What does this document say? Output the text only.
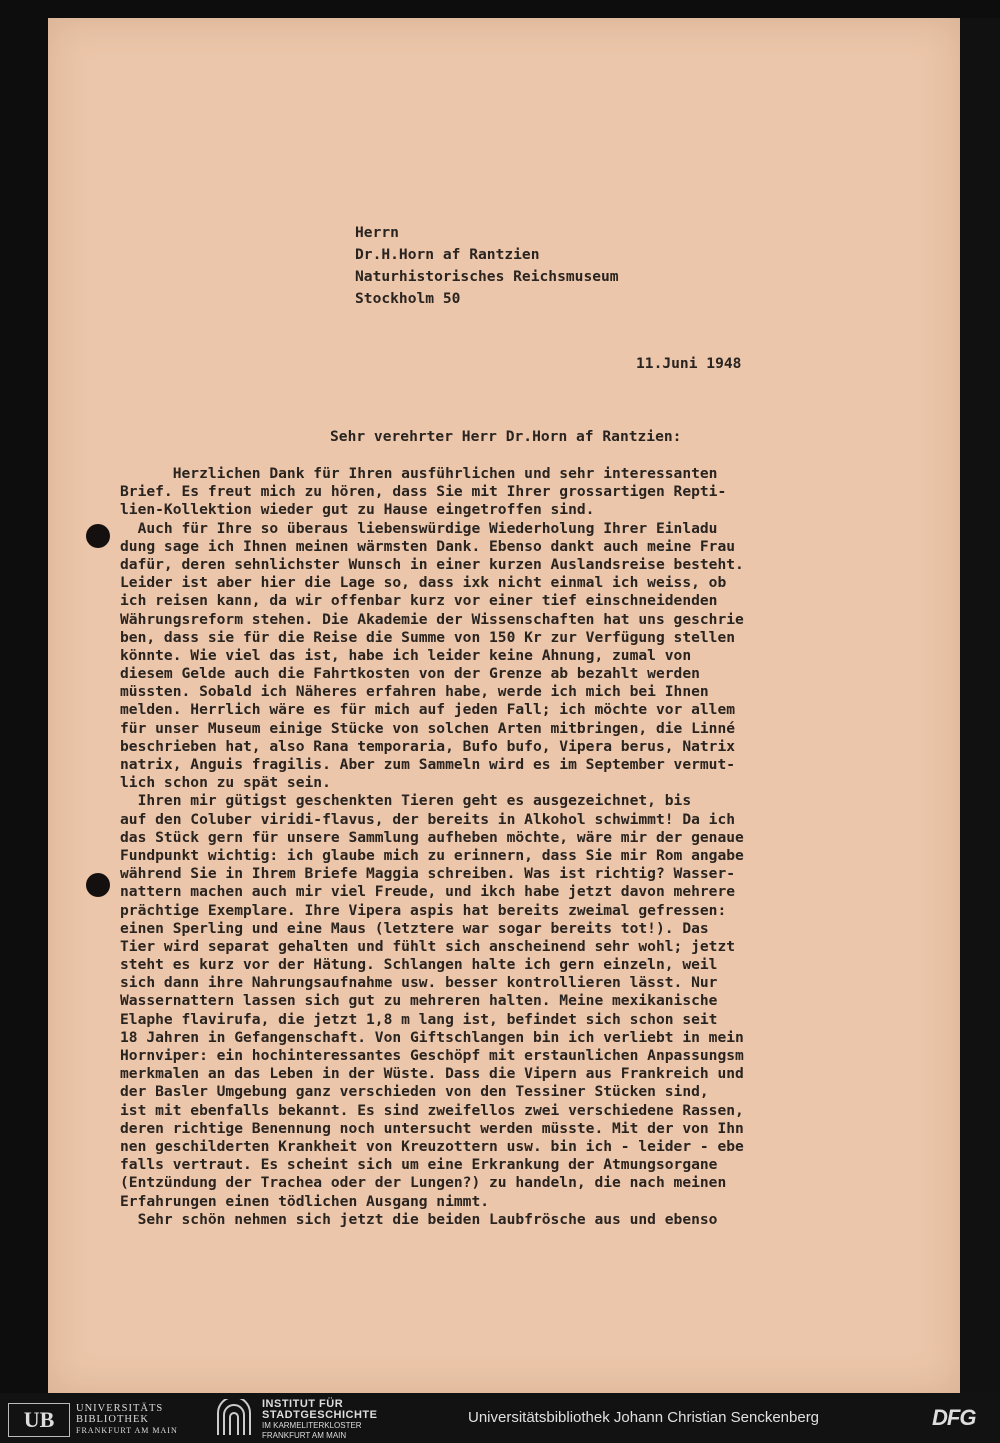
Herrn
Dr.H.Horn af Rantzien
Naturhistorisches Reichsmuseum
Stockholm 50
11.Juni 1948
Sehr verehrter Herr Dr.Horn af Rantzien:
Herzlichen Dank für Ihren ausführlichen und sehr interessanten
Brief. Es freut mich zu hören, dass Sie mit Ihrer grossartigen Repti-
lien-Kollektion wieder gut zu Hause eingetroffen sind.
Auch für Ihre so überaus liebenswürdige Wiederholung Ihrer Einladu
dung sage ich Ihnen meinen wärmsten Dank. Ebenso dankt auch meine Frau
dafür, deren sehnlichster Wunsch in einer kurzen Auslandsreise besteht.
Leider ist aber hier die Lage so, dass ixk nicht einmal ich weiss, ob
ich reisen kann, da wir offenbar kurz vor einer tief einschneidenden
Währungsreform stehen. Die Akademie der Wissenschaften hat uns geschrie
ben, dass sie für die Reise die Summe von 150 Kr zur Verfügung stellen
könnte. Wie viel das ist, habe ich leider keine Ahnung, zumal von
diesem Gelde auch die Fahrtkosten von der Grenze ab bezahlt werden
müssten. Sobald ich Näheres erfahren habe, werde ich mich bei Ihnen
melden. Herrlich wäre es für mich auf jeden Fall; ich möchte vor allem
für unser Museum einige Stücke von solchen Arten mitbringen, die Linné
beschrieben hat, also Rana temporaria, Bufo bufo, Vipera berus, Natrix
natrix, Anguis fragilis. Aber zum Sammeln wird es im September vermut-
lich schon zu spät sein.
Ihren mir gütigst geschenkten Tieren geht es ausgezeichnet, bis
auf den Coluber viridi-flavus, der bereits in Alkohol schwimmt! Da ich
das Stück gern für unsere Sammlung aufheben möchte, wäre mir der genaue
Fundpunkt wichtig: ich glaube mich zu erinnern, dass Sie mir Rom angabe
während Sie in Ihrem Briefe Maggia schreiben. Was ist richtig? Wasser-
nattern machen auch mir viel Freude, und ikch habe jetzt davon mehrere
prächtige Exemplare. Ihre Vipera aspis hat bereits zweimal gefressen:
einen Sperling und eine Maus (letztere war sogar bereits tot!). Das
Tier wird separat gehalten und fühlt sich anscheinend sehr wohl; jetzt
steht es kurz vor der Hätung. Schlangen halte ich gern einzeln, weil
sich dann ihre Nahrungsaufnahme usw. besser kontrollieren lässt. Nur
Wassernattern lassen sich gut zu mehreren halten. Meine mexikanische
Elaphe flavirufa, die jetzt 1,8 m lang ist, befindet sich schon seit
18 Jahren in Gefangenschaft. Von Giftschlangen bin ich verliebt in mein
Hornviper: ein hochinteressantes Geschöpf mit erstaunlichen Anpassungsm
merkmalen an das Leben in der Wüste. Dass die Vipern aus Frankreich und
der Basler Umgebung ganz verschieden von den Tessiner Stücken sind,
ist mit ebenfalls bekannt. Es sind zweifellos zwei verschiedene Rassen,
deren richtige Benennung noch untersucht werden müsste. Mit der von Ihn
nen geschilderten Krankheit von Kreuzottern usw. bin ich - leider - ebe
falls vertraut. Es scheint sich um eine Erkrankung der Atmungsorgane
(Entzündung der Trachea oder der Lungen?) zu handeln, die nach meinen
Erfahrungen einen tödlichen Ausgang nimmt.
Sehr schön nehmen sich jetzt die beiden Laubfrösche aus und ebenso
UB	UNIVERSITÄTS
BIBLIOTHEK
FRANKFURT AM MAIN
INSTITUT FÜR
STADTGESCHICHTE
IM KARMELITERKLOSTER
FRANKFURT AM MAIN
Universitätsbibliothek Johann Christian Senckenberg	DFG
